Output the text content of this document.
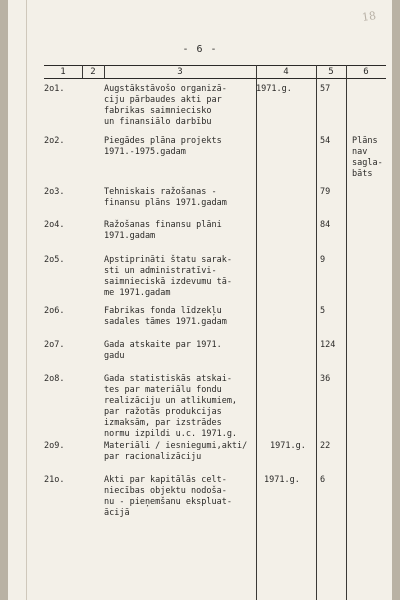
18
- 6 -
1	2	3	4	5	6
2o1.	Augstākstāvošo organizā-
ciju pārbaudes akti par
fabrikas saimniecisko
un finansiālo darbību
1971.g.	57
2o2.	Piegādes plāna projekts
1971.-1975.gadam
54	Plāns
nav
sagla-
bāts
2o3.	Tehniskais ražošanas -
finansu plāns 1971.gadam
79
2o4.	Ražošanas finansu plāni
1971.gadam
84
2o5.	Apstiprināti štatu sarak-
sti un administratīvi-
saimnieciskā izdevumu tā-
me 1971.gadam
9
2o6.	Fabrikas fonda līdzekļu
sadales tāmes 1971.gadam
5
2o7.	Gada atskaite par 1971.
gadu
124
2o8.	Gada statistiskās atskai-
tes par materiālu fondu
realizāciju un atlikumiem,
par ražotās produkcijas
izmaksām, par izstrādes
normu izpildi u.c. 1971.g.
36
2o9.	Materiāli / iesniegumi,akti/
par racionalizāciju
1971.g. 22
21o.	Akti par kapitālās celt-
niecības objektu nodoša-
nu - pieņemšanu ekspluat-
ācijā
1971.g. 6
